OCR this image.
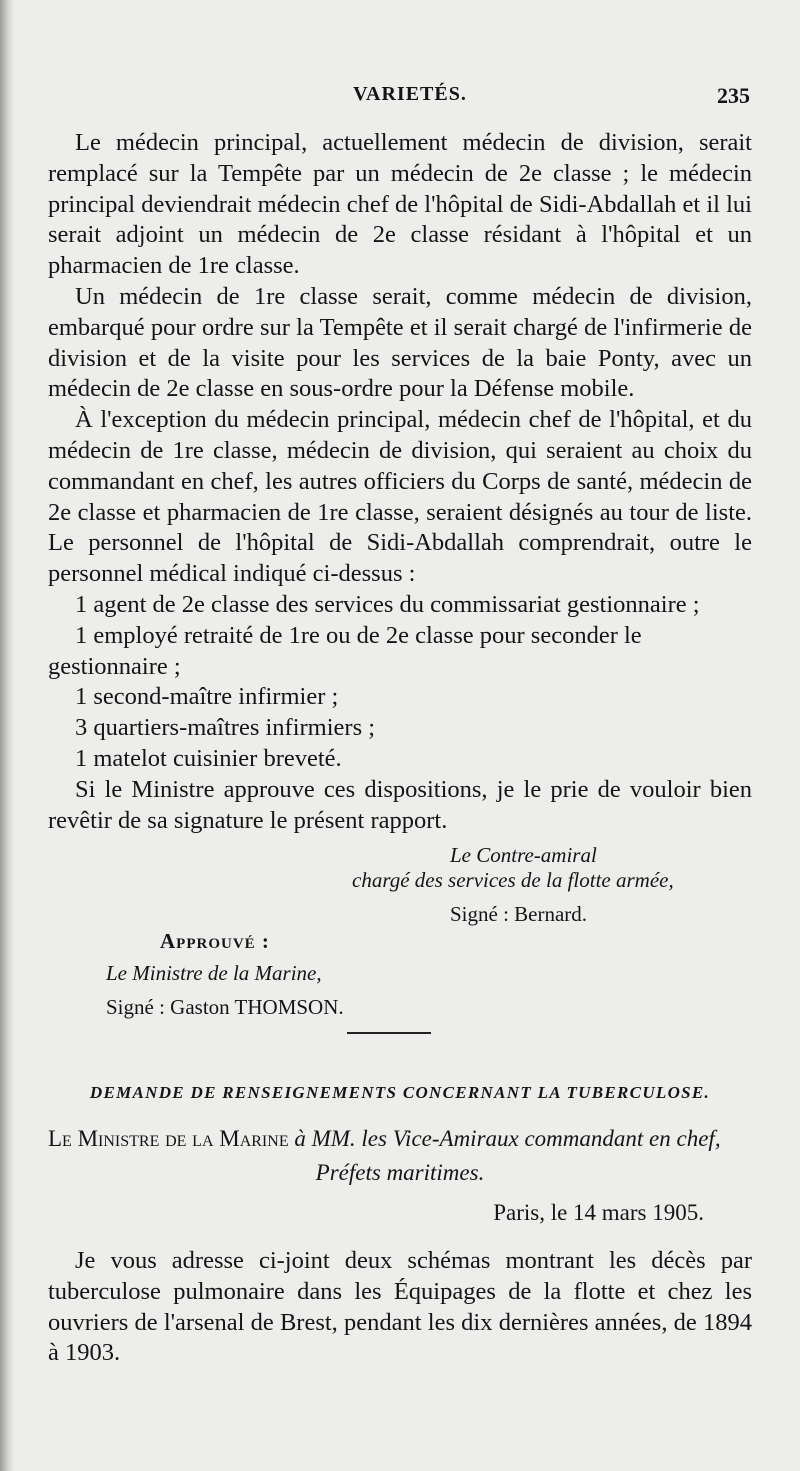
VARIETÉS.	235

Le médecin principal, actuellement médecin de division, serait remplacé sur la Tempête par un médecin de 2e classe ; le médecin principal deviendrait médecin chef de l'hôpital de Sidi-Abdallah et il lui serait adjoint un médecin de 2e classe résidant à l'hôpital et un pharmacien de 1re classe.

Un médecin de 1re classe serait, comme médecin de division, embarqué pour ordre sur la Tempête et il serait chargé de l'infirmerie de division et de la visite pour les services de la baie Ponty, avec un médecin de 2e classe en sous-ordre pour la Défense mobile.

À l'exception du médecin principal, médecin chef de l'hôpital, et du médecin de 1re classe, médecin de division, qui seraient au choix du commandant en chef, les autres officiers du Corps de santé, médecin de 2e classe et pharmacien de 1re classe, seraient désignés au tour de liste. Le personnel de l'hôpital de Sidi-Abdallah comprendrait, outre le personnel médical indiqué ci-dessus :

1 agent de 2e classe des services du commissariat gestionnaire ;

1 employé retraité de 1re ou de 2e classe pour seconder le gestionnaire ;

1 second-maître infirmier ;

3 quartiers-maîtres infirmiers ;

1 matelot cuisinier breveté.

Si le Ministre approuve ces dispositions, je le prie de vouloir bien revêtir de sa signature le présent rapport.

Le Contre-amiral
chargé des services de la flotte armée,
Signé : Bernard.
Approuvé :
Le Ministre de la Marine,
Signé : Gaston THOMSON.
DEMANDE DE RENSEIGNEMENTS CONCERNANT LA TUBERCULOSE.
Le Ministre de la Marine à MM. les Vice-Amiraux commandant en chef,
Préfets maritimes.
Paris, le 14 mars 1905.

Je vous adresse ci-joint deux schémas montrant les décès par tuberculose pulmonaire dans les Équipages de la flotte et chez les ouvriers de l'arsenal de Brest, pendant les dix dernières années, de 1894 à 1903.
